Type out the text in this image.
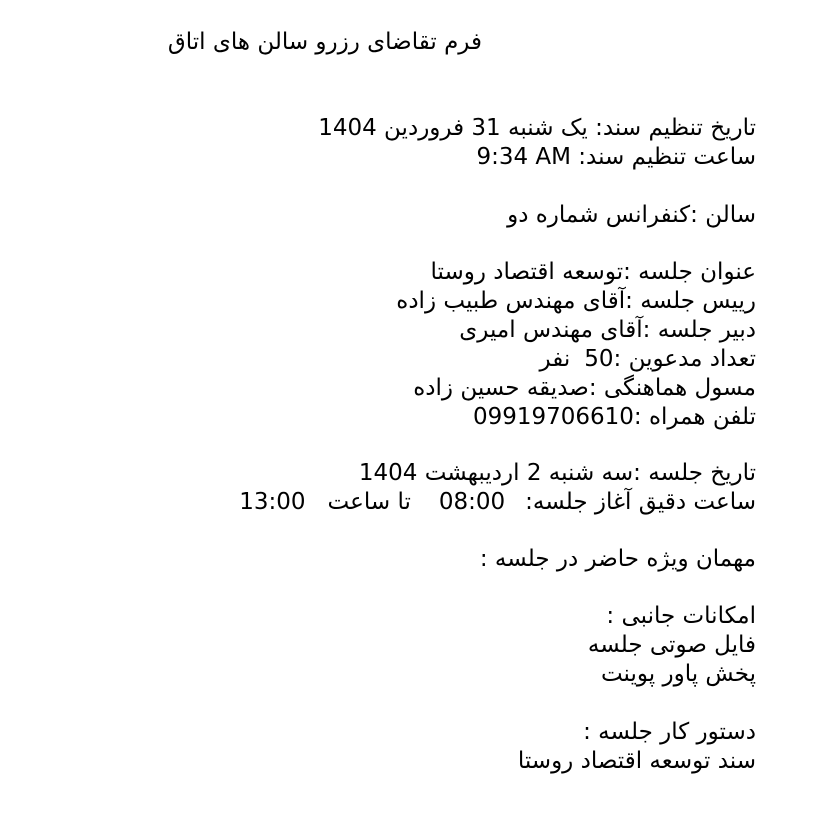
فرم تقاضای رزرو سالن های اتاق
تاریخ تنظیم سند: یک شنبه 31 فروردین 1404
ساعت تنظیم سند: 9:34 AM
سالن :کنفرانس شماره دو
عنوان جلسه :توسعه اقتصاد روستا
رییس جلسه :آقای مهندس طبیب زاده
دبیر جلسه :آقای مهندس امیری
تعداد مدعوین :50نفر
مسول هماهنگی :صدیقه حسین زاده
تلفن همراه :09919706610
تاریخ جلسه :سه شنبه 2 اردیبهشت 1404
ساعت دقیق آغاز جلسه:08:00تا ساعت13:00
مهمان ویژه حاضر در جلسه :
امکانات جانبی :
فایل صوتی جلسه
پخش پاور پوینت
دستور کار جلسه :
سند توسعه اقتصاد روستا
